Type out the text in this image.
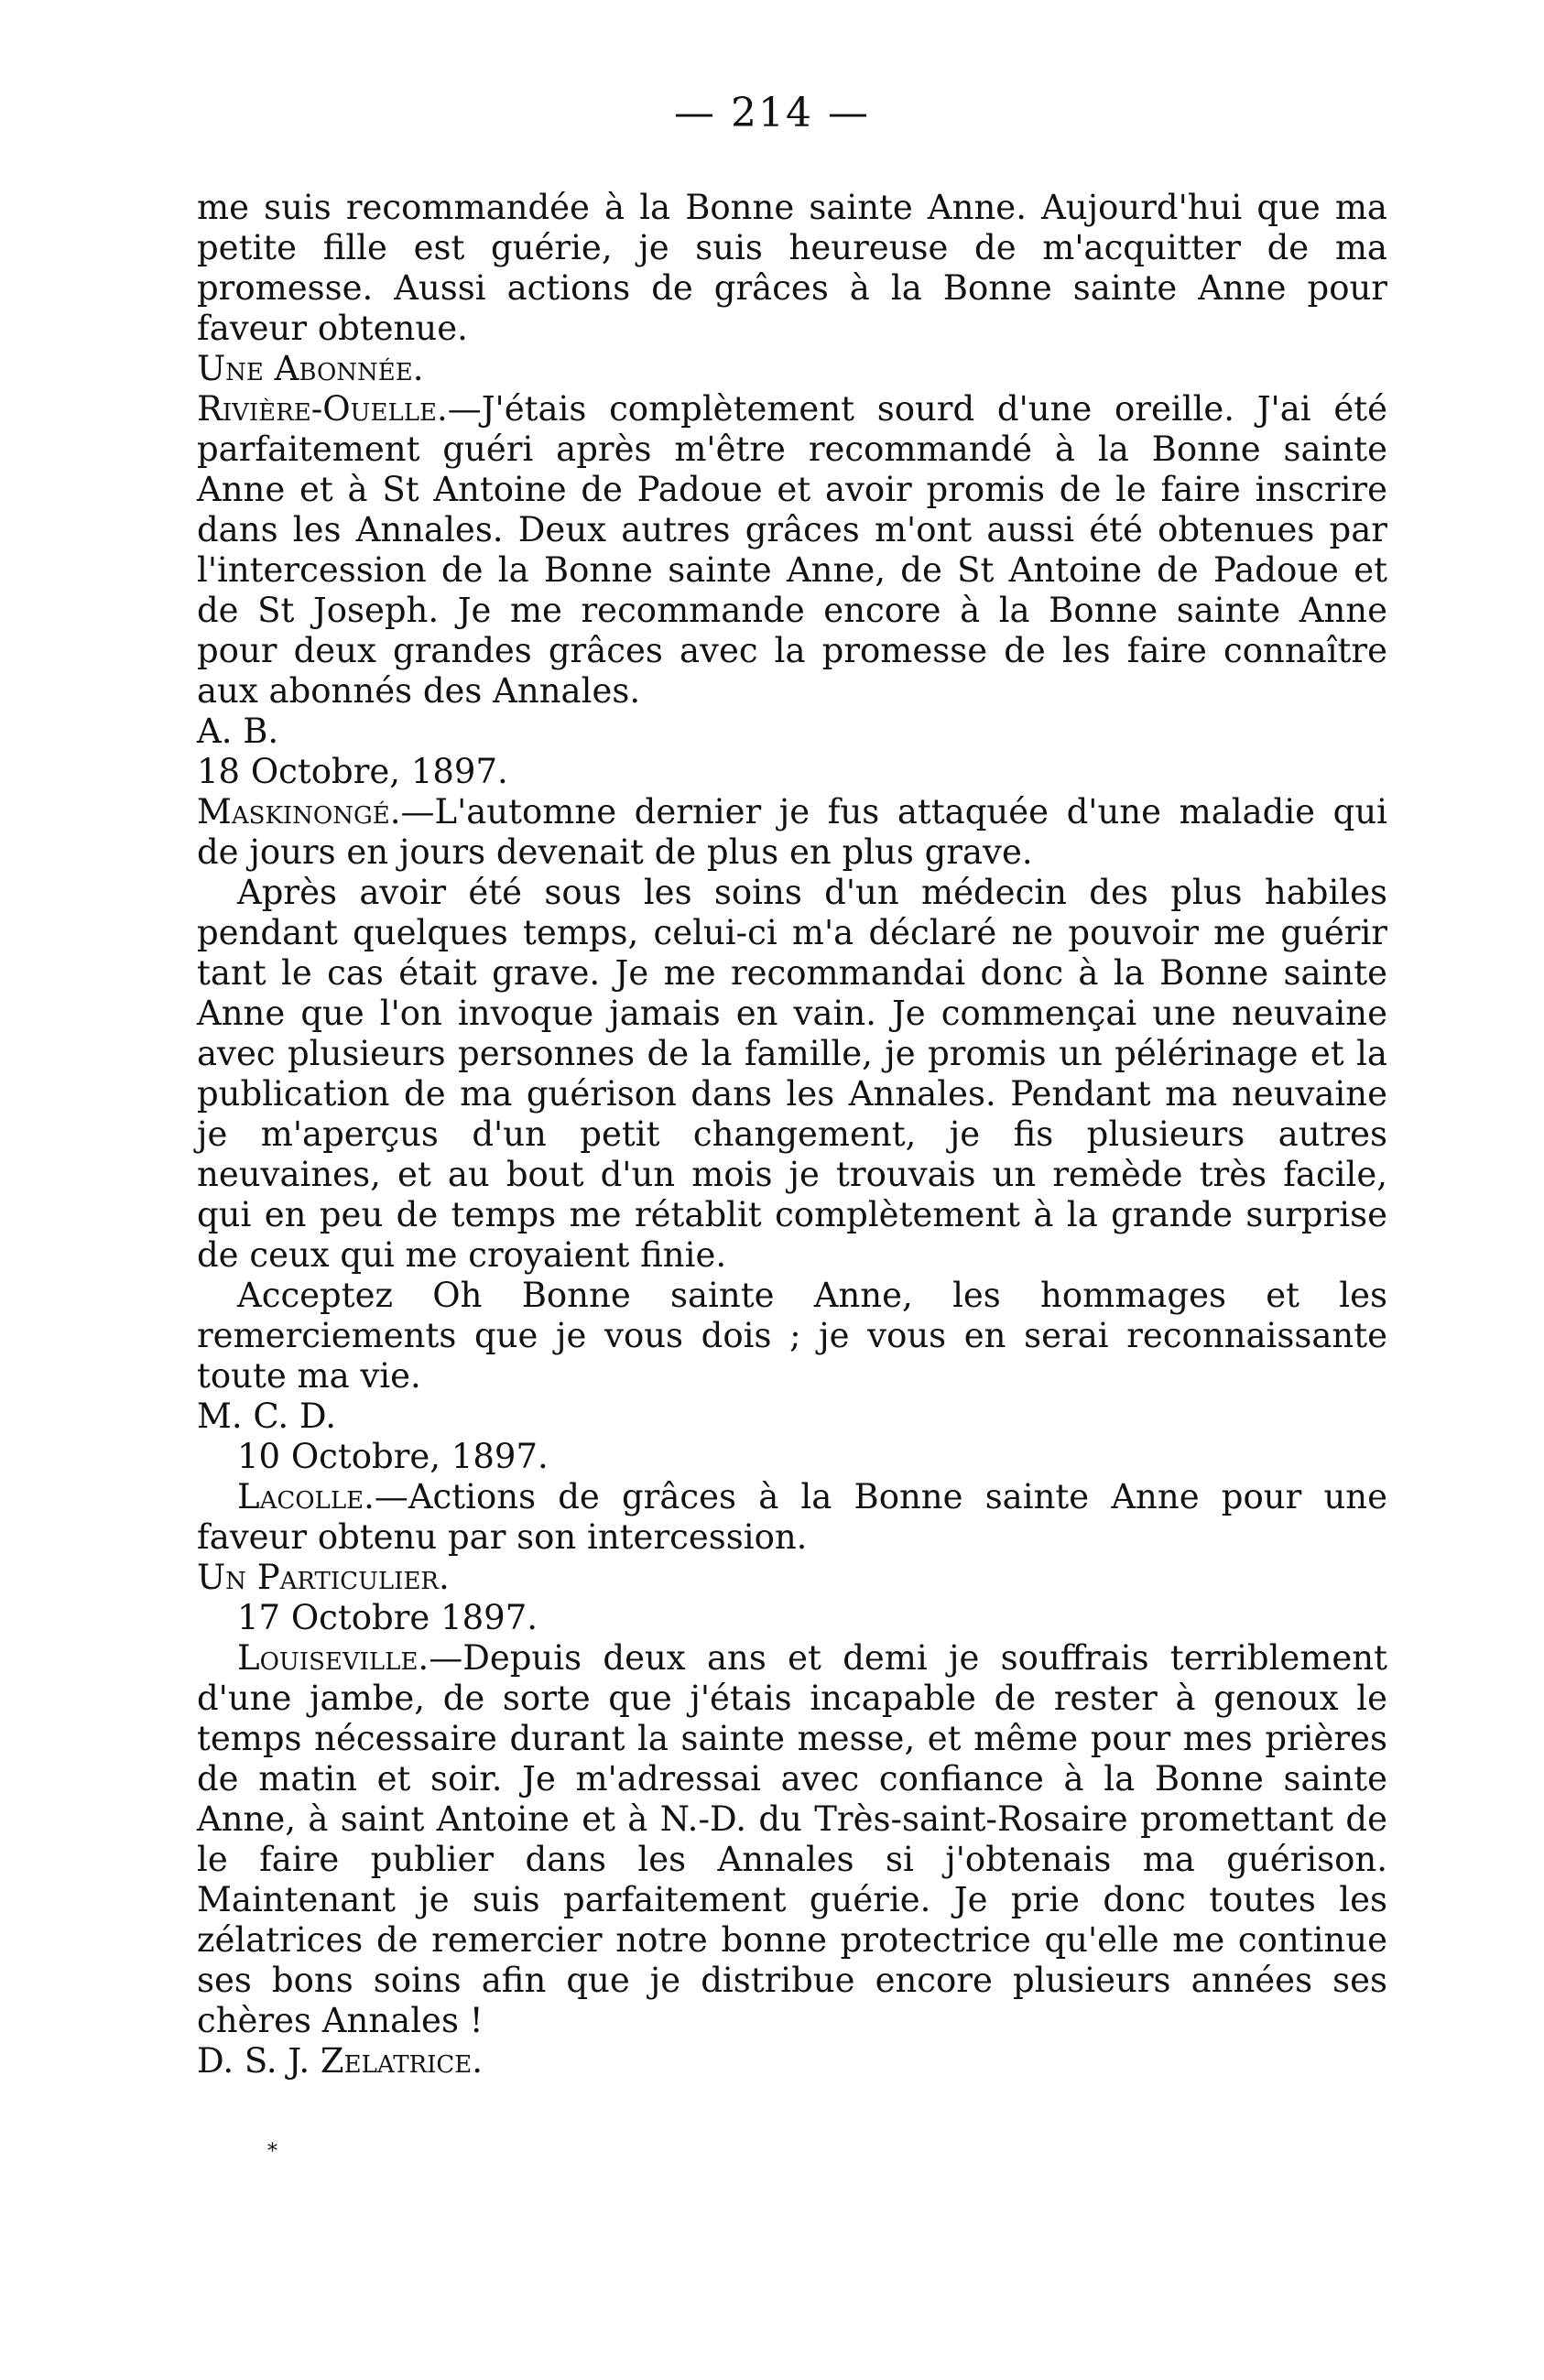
— 214 —

me suis recommandée à la Bonne sainte Anne. Aujourd'hui que ma petite fille est guérie, je suis heureuse de m'acquitter de ma promesse. Aussi actions de grâces à la Bonne sainte Anne pour faveur obtenue.

Une Abonnée.

Rivière-Ouelle.—J'étais complètement sourd d'une oreille. J'ai été parfaitement guéri après m'être recommandé à la Bonne sainte Anne et à St Antoine de Padoue et avoir promis de le faire inscrire dans les Annales. Deux autres grâces m'ont aussi été obtenues par l'intercession de la Bonne sainte Anne, de St Antoine de Padoue et de St Joseph. Je me recommande encore à la Bonne sainte Anne pour deux grandes grâces avec la promesse de les faire connaître aux abonnés des Annales.

A. B.

18 Octobre, 1897.

Maskinongé.—L'automne dernier je fus attaquée d'une maladie qui de jours en jours devenait de plus en plus grave.

Après avoir été sous les soins d'un médecin des plus habiles pendant quelques temps, celui-ci m'a déclaré ne pouvoir me guérir tant le cas était grave. Je me recommandai donc à la Bonne sainte Anne que l'on invoque jamais en vain. Je commençai une neuvaine avec plusieurs personnes de la famille, je promis un pélérinage et la publication de ma guérison dans les Annales. Pendant ma neuvaine je m'aperçus d'un petit changement, je fis plusieurs autres neuvaines, et au bout d'un mois je trouvais un remède très facile, qui en peu de temps me rétablit complètement à la grande surprise de ceux qui me croyaient finie.

Acceptez Oh Bonne sainte Anne, les hommages et les remerciements que je vous dois ; je vous en serai reconnaissante toute ma vie.

M. C. D.

10 Octobre, 1897.

Lacolle.—Actions de grâces à la Bonne sainte Anne pour une faveur obtenu par son intercession.

Un Particulier.

17 Octobre 1897.

Louiseville.—Depuis deux ans et demi je souffrais terriblement d'une jambe, de sorte que j'étais incapable de rester à genoux le temps nécessaire durant la sainte messe, et même pour mes prières de matin et soir. Je m'adressai avec confiance à la Bonne sainte Anne, à saint Antoine et à N.-D. du Très-saint-Rosaire promettant de le faire publier dans les Annales si j'obtenais ma guérison. Maintenant je suis parfaitement guérie. Je prie donc toutes les zélatrices de remercier notre bonne protectrice qu'elle me continue ses bons soins afin que je distribue encore plusieurs années ses chères Annales !

D. S. J. Zelatrice.

⁎
